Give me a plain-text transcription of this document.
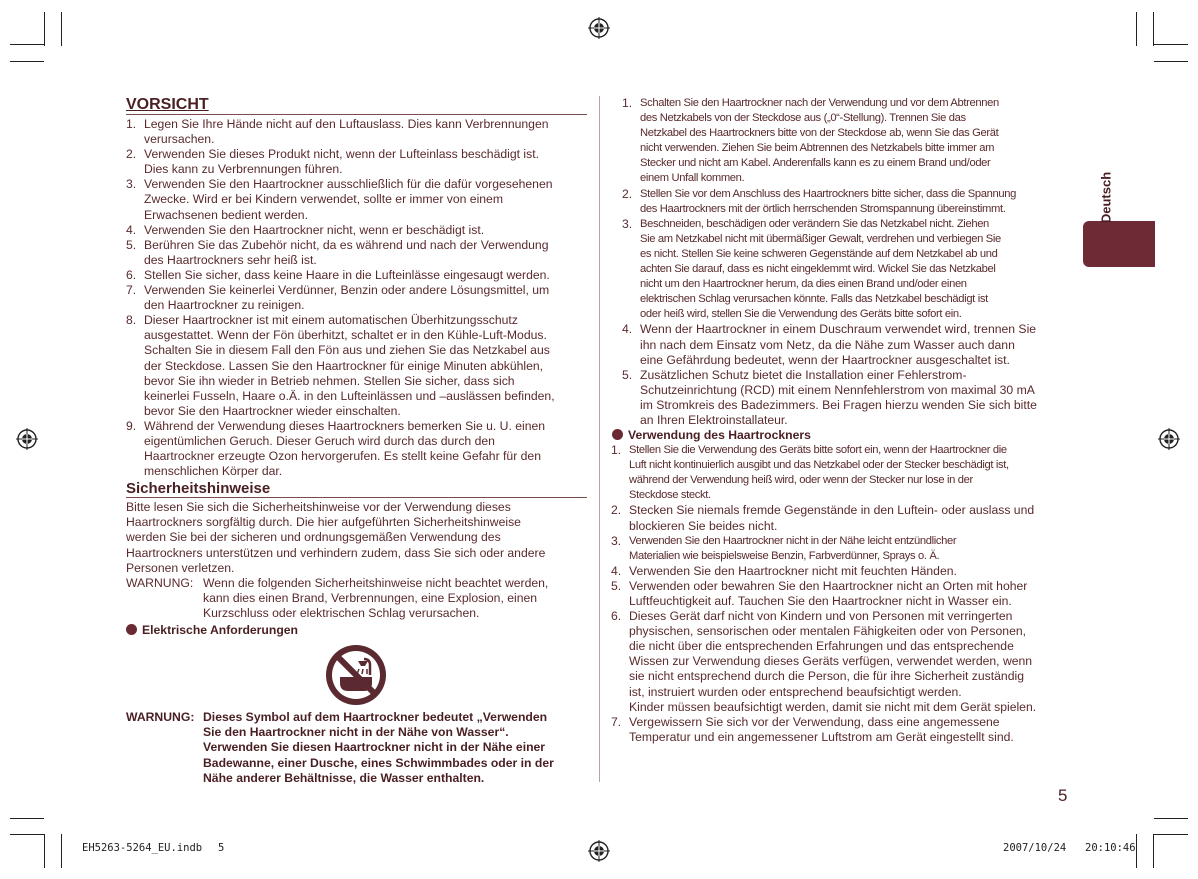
VORSICHT
1. Legen Sie Ihre Hände nicht auf den Luftauslass. Dies kann Verbrennungen
verursachen.
2. Verwenden Sie dieses Produkt nicht, wenn der Lufteinlass beschädigt ist.
Dies kann zu Verbrennungen führen.
3. Verwenden Sie den Haartrockner ausschließlich für die dafür vorgesehenen
Zwecke. Wird er bei Kindern verwendet, sollte er immer von einem
Erwachsenen bedient werden.
4. Verwenden Sie den Haartrockner nicht, wenn er beschädigt ist.
5. Berühren Sie das Zubehör nicht, da es während und nach der Verwendung
des Haartrockners sehr heiß ist.
6. Stellen Sie sicher, dass keine Haare in die Lufteinlässe eingesaugt werden.
7. Verwenden Sie keinerlei Verdünner, Benzin oder andere Lösungsmittel, um
den Haartrockner zu reinigen.
8. Dieser Haartrockner ist mit einem automatischen Überhitzungsschutz
ausgestattet. Wenn der Fön überhitzt, schaltet er in den Kühle-Luft-Modus.
Schalten Sie in diesem Fall den Fön aus und ziehen Sie das Netzkabel aus
der Steckdose. Lassen Sie den Haartrockner für einige Minuten abkühlen,
bevor Sie ihn wieder in Betrieb nehmen. Stellen Sie sicher, dass sich
keinerlei Fusseln, Haare o.Ä. in den Lufteinlässen und –auslässen befinden,
bevor Sie den Haartrockner wieder einschalten.
9. Während der Verwendung dieses Haartrockners bemerken Sie u. U. einen
eigentümlichen Geruch. Dieser Geruch wird durch das durch den
Haartrockner erzeugte Ozon hervorgerufen. Es stellt keine Gefahr für den
menschlichen Körper dar.
Sicherheitshinweise
Bitte lesen Sie sich die Sicherheitshinweise vor der Verwendung dieses
Haartrockners sorgfältig durch. Die hier aufgeführten Sicherheitshinweise
werden Sie bei der sicheren und ordnungsgemäßen Verwendung des
Haartrockners unterstützen und verhindern zudem, dass Sie sich oder andere
Personen verletzen.
WARNUNG: Wenn die folgenden Sicherheitshinweise nicht beachtet werden,
kann dies einen Brand, Verbrennungen, eine Explosion, einen
Kurzschluss oder elektrischen Schlag verursachen.
Elektrische Anforderungen
WARNUNG: Dieses Symbol auf dem Haartrockner bedeutet „Verwenden
Sie den Haartrockner nicht in der Nähe von Wasser“.
Verwenden Sie diesen Haartrockner nicht in der Nähe einer
Badewanne, einer Dusche, eines Schwimmbades oder in der
Nähe anderer Behältnisse, die Wasser enthalten.
1. Schalten Sie den Haartrockner nach der Verwendung und vor dem Abtrennen
des Netzkabels von der Steckdose aus („0“-Stellung). Trennen Sie das
Netzkabel des Haartrockners bitte von der Steckdose ab, wenn Sie das Gerät
nicht verwenden. Ziehen Sie beim Abtrennen des Netzkabels bitte immer am
Stecker und nicht am Kabel. Anderenfalls kann es zu einem Brand und/oder
einem Unfall kommen.
2. Stellen Sie vor dem Anschluss des Haartrockners bitte sicher, dass die Spannung
des Haartrockners mit der örtlich herrschenden Stromspannung übereinstimmt.
3. Beschneiden, beschädigen oder verändern Sie das Netzkabel nicht. Ziehen
Sie am Netzkabel nicht mit übermäßiger Gewalt, verdrehen und verbiegen Sie
es nicht. Stellen Sie keine schweren Gegenstände auf dem Netzkabel ab und
achten Sie darauf, dass es nicht eingeklemmt wird. Wickel Sie das Netzkabel
nicht um den Haartrockner herum, da dies einen Brand und/oder einen
elektrischen Schlag verursachen könnte. Falls das Netzkabel beschädigt ist
oder heiß wird, stellen Sie die Verwendung des Geräts bitte sofort ein.
4. Wenn der Haartrockner in einem Duschraum verwendet wird, trennen Sie
ihn nach dem Einsatz vom Netz, da die Nähe zum Wasser auch dann
eine Gefährdung bedeutet, wenn der Haartrockner ausgeschaltet ist.
5. Zusätzlichen Schutz bietet die Installation einer Fehlerstrom-
Schutzeinrichtung (RCD) mit einem Nennfehlerstrom von maximal 30 mA
im Stromkreis des Badezimmers. Bei Fragen hierzu wenden Sie sich bitte
an Ihren Elektroinstallateur.
Verwendung des Haartrockners
1. Stellen Sie die Verwendung des Geräts bitte sofort ein, wenn der Haartrockner die
Luft nicht kontinuierlich ausgibt und das Netzkabel oder der Stecker beschädigt ist,
während der Verwendung heiß wird, oder wenn der Stecker nur lose in der
Steckdose steckt.
2. Stecken Sie niemals fremde Gegenstände in den Luftein- oder auslass und
blockieren Sie beides nicht.
3. Verwenden Sie den Haartrockner nicht in der Nähe leicht entzündlicher
Materialien wie beispielsweise Benzin, Farbverdünner, Sprays o. Ä.
4. Verwenden Sie den Haartrockner nicht mit feuchten Händen.
5. Verwenden oder bewahren Sie den Haartrockner nicht an Orten mit hoher
Luftfeuchtigkeit auf. Tauchen Sie den Haartrockner nicht in Wasser ein.
6. Dieses Gerät darf nicht von Kindern und von Personen mit verringerten
physischen, sensorischen oder mentalen Fähigkeiten oder von Personen,
die nicht über die entsprechenden Erfahrungen und das entsprechende
Wissen zur Verwendung dieses Geräts verfügen, verwendet werden, wenn
sie nicht entsprechend durch die Person, die für ihre Sicherheit zuständig
ist, instruiert wurden oder entsprechend beaufsichtigt werden.
Kinder müssen beaufsichtigt werden, damit sie nicht mit dem Gerät spielen.
7. Vergewissern Sie sich vor der Verwendung, dass eine angemessene
Temperatur und ein angemessener Luftstrom am Gerät eingestellt sind.
Deutsch
5
EH5263-5264_EU.indb 5	2007/10/24 20:10:46
